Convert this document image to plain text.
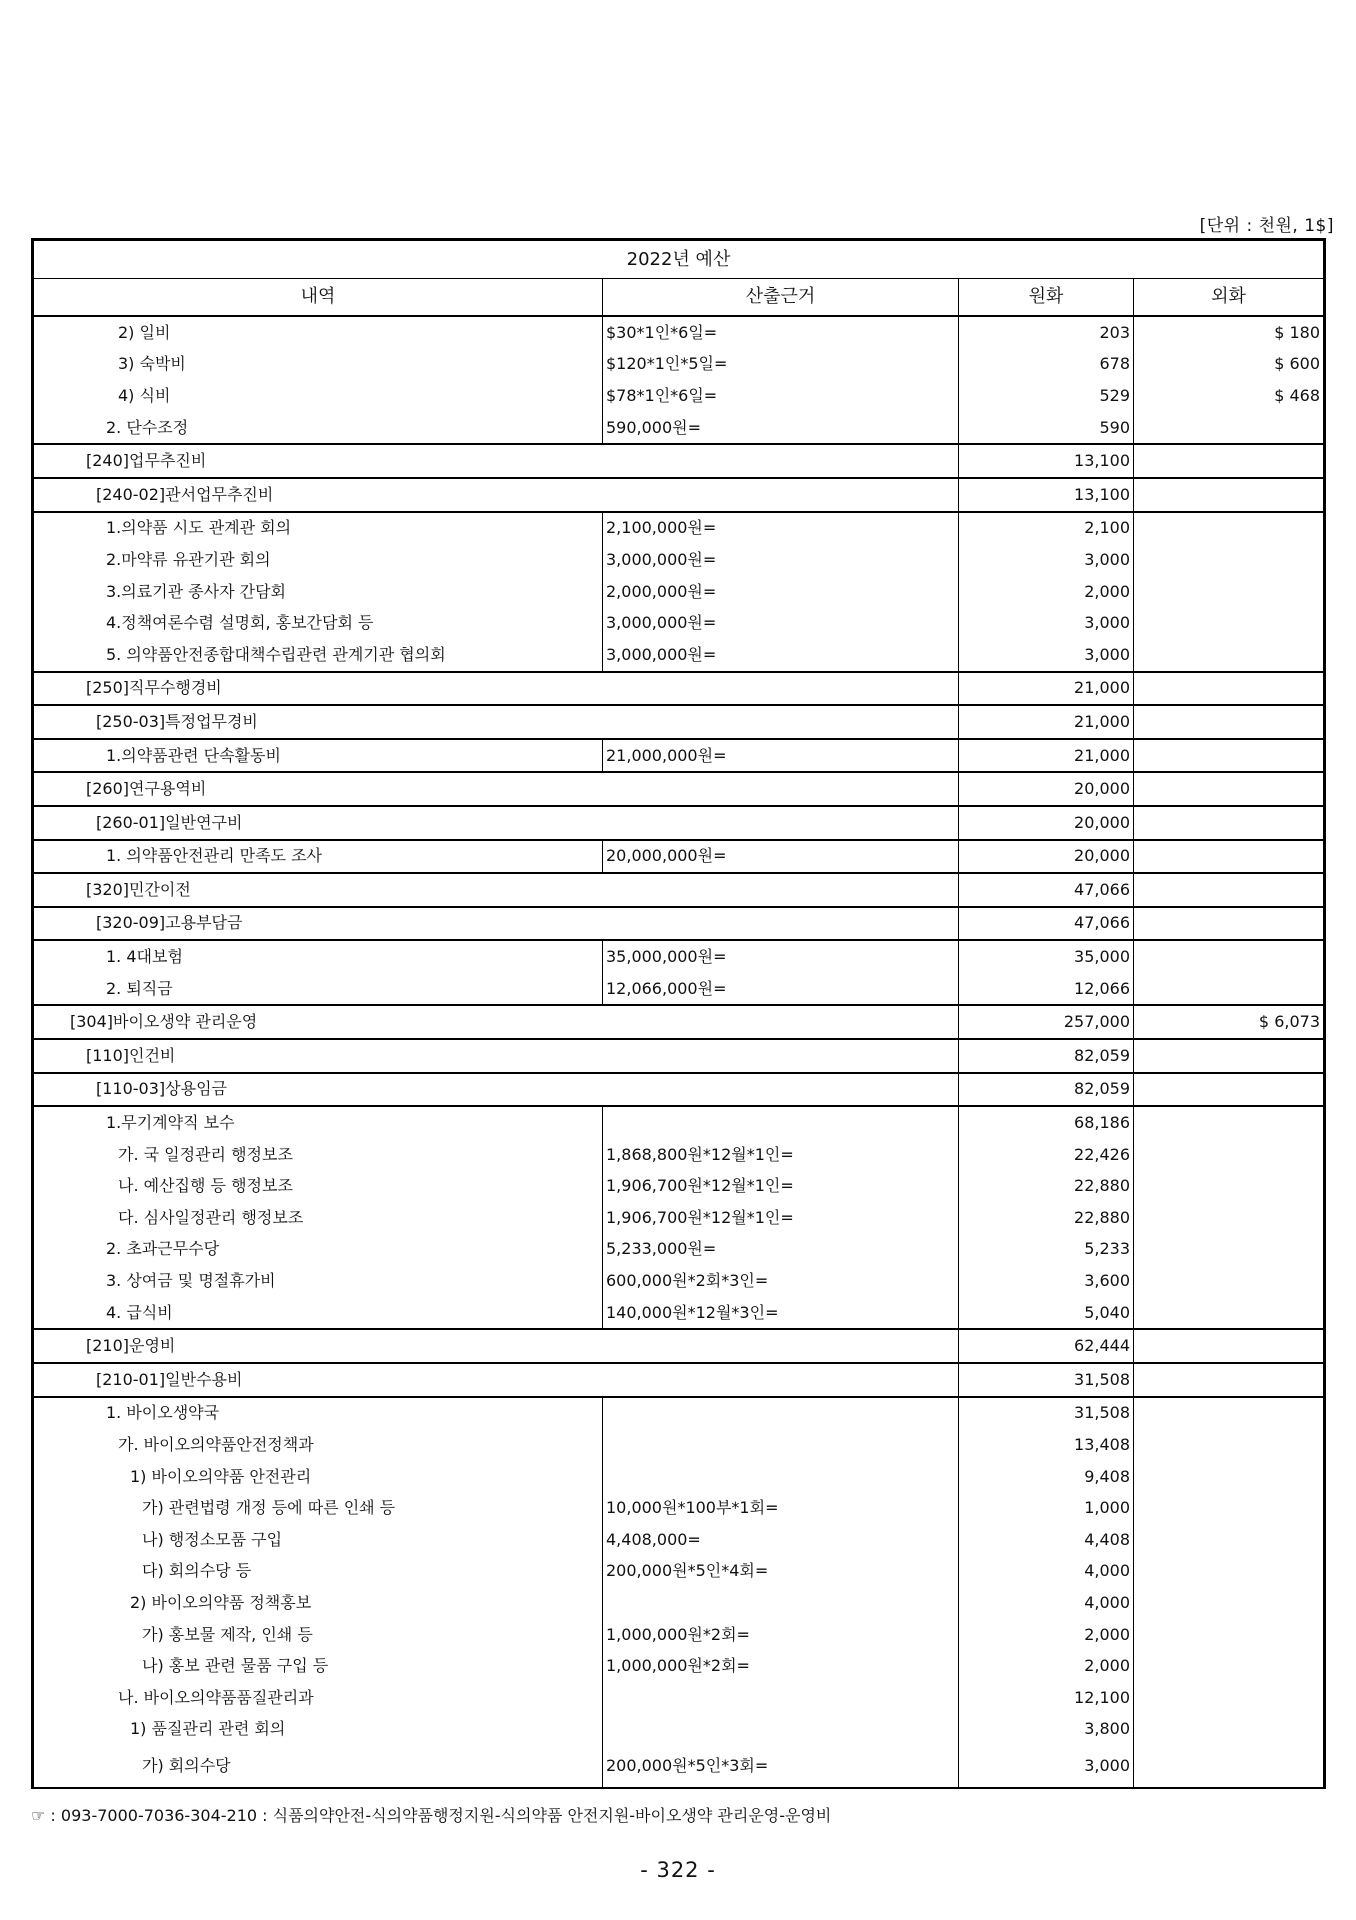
[단위 : 천원, 1$]
2022년 예산			
내역	산출근거	원화	외화
2) 일비	$30*1인*6일=	203	$ 180
3) 숙박비	$120*1인*5일=	678	$ 600
4) 식비	$78*1인*6일=	529	$ 468
2. 단수조정	590,000원=	590	
[240]업무추진비		13,100	
[240-02]관서업무추진비		13,100	
1.의약품 시도 관계관 회의	2,100,000원=	2,100	
2.마약류 유관기관 회의	3,000,000원=	3,000	
3.의료기관 종사자 간담회	2,000,000원=	2,000	
4.정책여론수렴 설명회, 홍보간담회 등	3,000,000원=	3,000	
5. 의약품안전종합대책수립관련 관계기관 협의회	3,000,000원=	3,000	
[250]직무수행경비		21,000	
[250-03]특정업무경비		21,000	
1.의약품관련 단속활동비	21,000,000원=	21,000	
[260]연구용역비		20,000	
[260-01]일반연구비		20,000	
1. 의약품안전관리 만족도 조사	20,000,000원=	20,000	
[320]민간이전		47,066	
[320-09]고용부담금		47,066	
1. 4대보험	35,000,000원=	35,000	
2. 퇴직금	12,066,000원=	12,066	
[304]바이오생약 관리운영		257,000	$ 6,073
[110]인건비		82,059	
[110-03]상용임금		82,059	
1.무기계약직 보수		68,186	
가. 국 일정관리 행정보조	1,868,800원*12월*1인=	22,426	
나. 예산집행 등 행정보조	1,906,700원*12월*1인=	22,880	
다. 심사일정관리 행정보조	1,906,700원*12월*1인=	22,880	
2. 초과근무수당	5,233,000원=	5,233	
3. 상여금 및 명절휴가비	600,000원*2회*3인=	3,600	
4. 급식비	140,000원*12월*3인=	5,040	
[210]운영비		62,444	
[210-01]일반수용비		31,508	
1. 바이오생약국		31,508	
가. 바이오의약품안전정책과		13,408	
1) 바이오의약품 안전관리		9,408	
가) 관련법령 개정 등에 따른 인쇄 등	10,000원*100부*1회=	1,000	
나) 행정소모품 구입	4,408,000=	4,408	
다) 회의수당 등	200,000원*5인*4회=	4,000	
2) 바이오의약품 정책홍보		4,000	
가) 홍보물 제작, 인쇄 등	1,000,000원*2회=	2,000	
나) 홍보 관련 물품 구입 등	1,000,000원*2회=	2,000	
나. 바이오의약품품질관리과		12,100	
1) 품질관리 관련 회의		3,800	
가) 회의수당	200,000원*5인*3회=	3,000	
☞ : 093-7000-7036-304-210 : 식품의약안전-식의약품행정지원-식의약품 안전지원-바이오생약 관리운영-운영비
- 322 -
